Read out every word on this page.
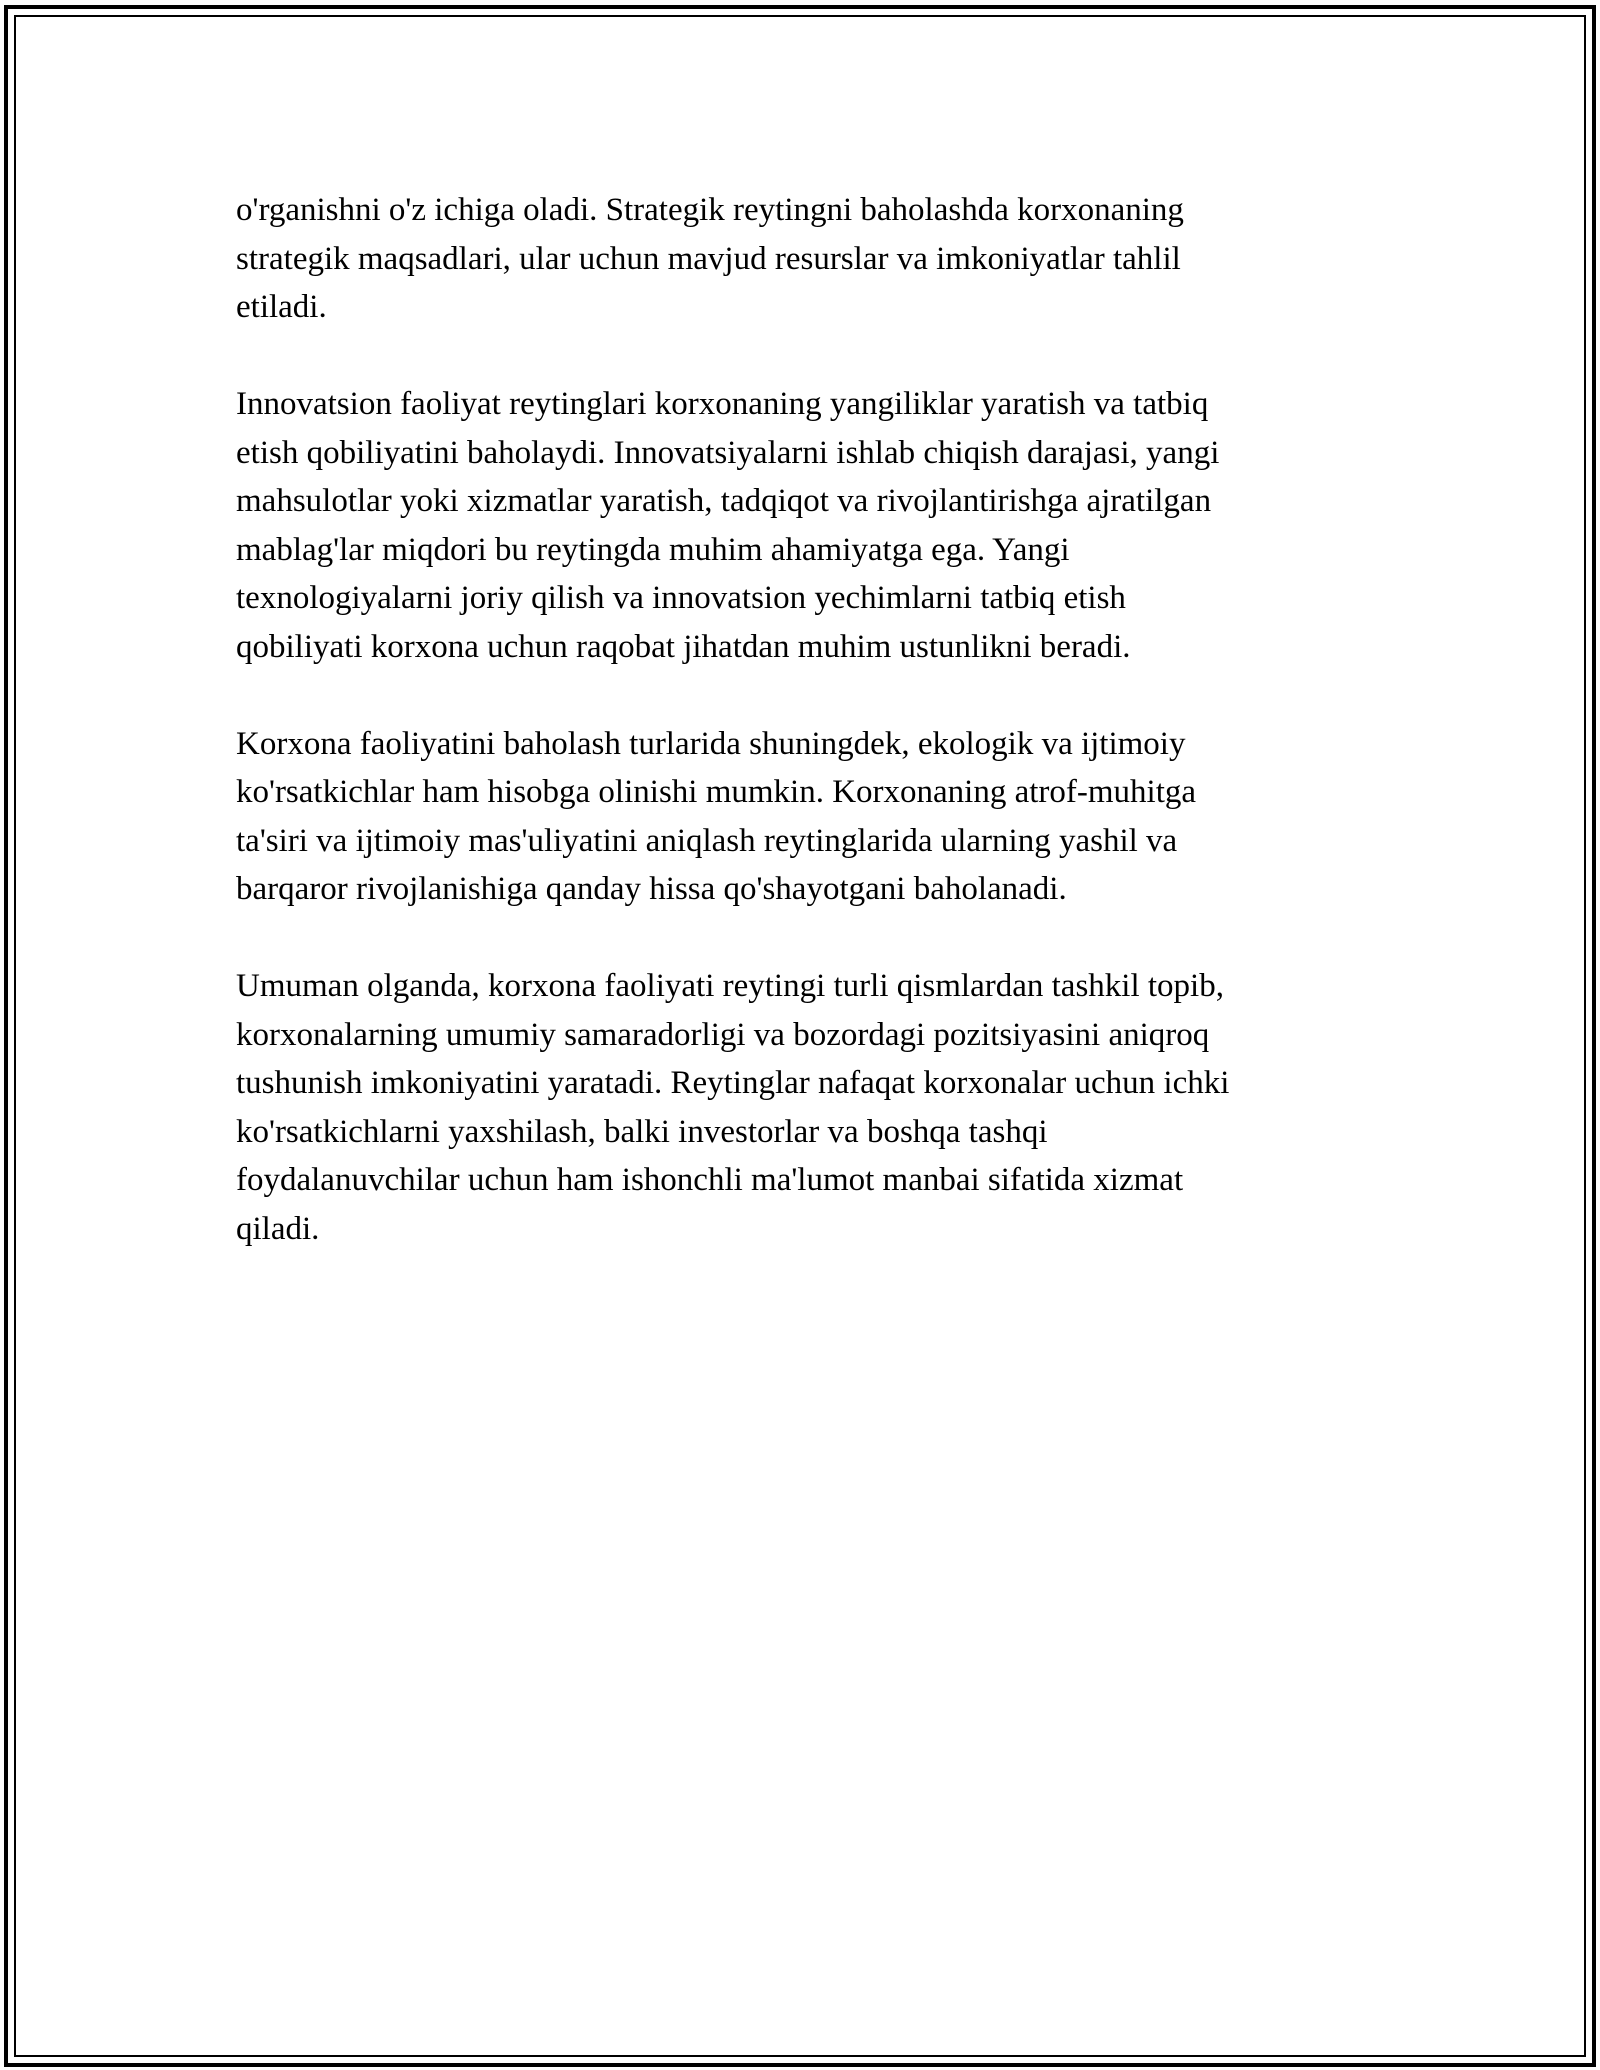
o'rganishni o'z ichiga oladi. Strategik reytingni baholashda korxonaning
strategik maqsadlari, ular uchun mavjud resurslar va imkoniyatlar tahlil
etiladi.

Innovatsion faoliyat reytinglari korxonaning yangiliklar yaratish va tatbiq
etish qobiliyatini baholaydi. Innovatsiyalarni ishlab chiqish darajasi, yangi
mahsulotlar yoki xizmatlar yaratish, tadqiqot va rivojlantirishga ajratilgan
mablag'lar miqdori bu reytingda muhim ahamiyatga ega. Yangi
texnologiyalarni joriy qilish va innovatsion yechimlarni tatbiq etish
qobiliyati korxona uchun raqobat jihatdan muhim ustunlikni beradi.

Korxona faoliyatini baholash turlarida shuningdek, ekologik va ijtimoiy
ko'rsatkichlar ham hisobga olinishi mumkin. Korxonaning atrof-muhitga
ta'siri va ijtimoiy mas'uliyatini aniqlash reytinglarida ularning yashil va
barqaror rivojlanishiga qanday hissa qo'shayotgani baholanadi.

Umuman olganda, korxona faoliyati reytingi turli qismlardan tashkil topib,
korxonalarning umumiy samaradorligi va bozordagi pozitsiyasini aniqroq
tushunish imkoniyatini yaratadi. Reytinglar nafaqat korxonalar uchun ichki
ko'rsatkichlarni yaxshilash, balki investorlar va boshqa tashqi
foydalanuvchilar uchun ham ishonchli ma'lumot manbai sifatida xizmat
qiladi.
